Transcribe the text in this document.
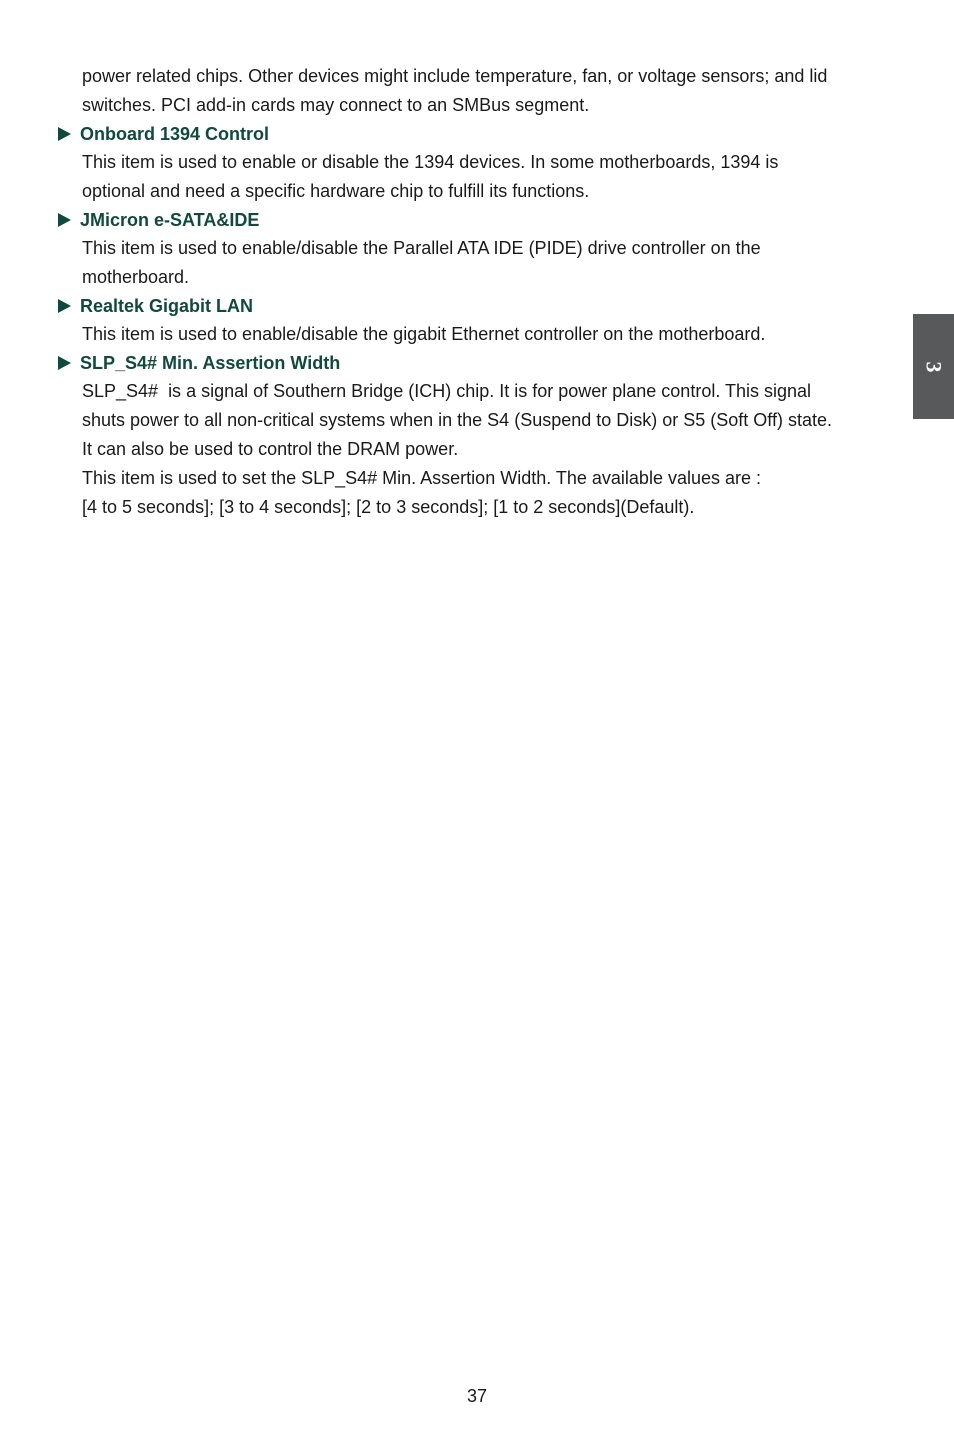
power related chips. Other devices might include temperature, fan, or voltage sensors; and lid
switches. PCI add-in cards may connect to an SMBus segment.

Onboard 1394 Control

This item is used to enable or disable the 1394 devices. In some motherboards, 1394 is
optional and need a specific hardware chip to fulfill its functions.

JMicron e-SATA&IDE

This item is used to enable/disable the Parallel ATA IDE (PIDE) drive controller on the
motherboard.

Realtek Gigabit LAN

This item is used to enable/disable the gigabit Ethernet controller on the motherboard.

SLP_S4# Min. Assertion Width

SLP_S4#  is a signal of Southern Bridge (ICH) chip. It is for power plane control. This signal
shuts power to all non-critical systems when in the S4 (Suspend to Disk) or S5 (Soft Off) state.
It can also be used to control the DRAM power.
This item is used to set the SLP_S4# Min. Assertion Width. The available values are :
[4 to 5 seconds]; [3 to 4 seconds]; [2 to 3 seconds]; [1 to 2 seconds](Default).

3
37
